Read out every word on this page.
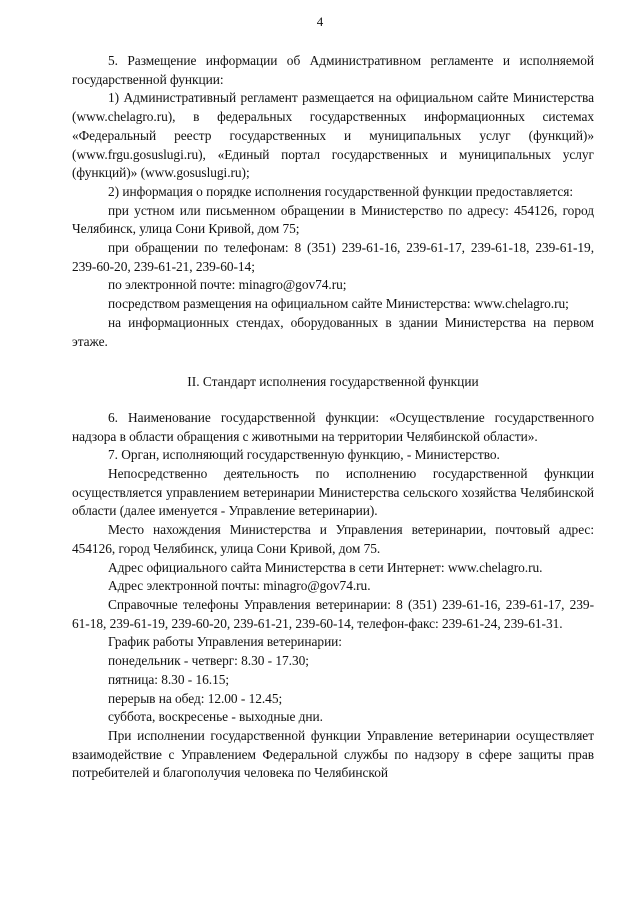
4

5. Размещение информации об Административном регламенте и исполняемой государственной функции:

1) Административный регламент размещается на официальном сайте Министерства (www.chelagro.ru), в федеральных государственных информационных системах «Федеральный реестр государственных и муниципальных услуг (функций)» (www.frgu.gosuslugi.ru), «Единый портал государственных и муниципальных услуг (функций)» (www.gosuslugi.ru);

2) информация о порядке исполнения государственной функции предоставляется:

при устном или письменном обращении в Министерство по адресу: 454126, город Челябинск, улица Сони Кривой, дом 75;

при обращении по телефонам: 8 (351) 239-61-16, 239-61-17, 239-61-18, 239-61-19, 239-60-20, 239-61-21, 239-60-14;

по электронной почте: minagro@gov74.ru;

посредством размещения на официальном сайте Министерства: www.chelagro.ru;

на информационных стендах, оборудованных в здании Министерства на первом этаже.

II. Стандарт исполнения государственной функции

6. Наименование государственной функции: «Осуществление государственного надзора в области обращения с животными на территории Челябинской области».

7. Орган, исполняющий государственную функцию, - Министерство.

Непосредственно деятельность по исполнению государственной функции осуществляется управлением ветеринарии Министерства сельского хозяйства Челябинской области (далее именуется - Управление ветеринарии).

Место нахождения Министерства и Управления ветеринарии, почтовый адрес: 454126, город Челябинск, улица Сони Кривой, дом 75.

Адрес официального сайта Министерства в сети Интернет: www.chelagro.ru.

Адрес электронной почты: minagro@gov74.ru.

Справочные телефоны Управления ветеринарии: 8 (351) 239-61-16, 239-61-17, 239-61-18, 239-61-19, 239-60-20, 239-61-21, 239-60-14, телефон-факс: 239-61-24, 239-61-31.

График работы Управления ветеринарии:

понедельник - четверг: 8.30 - 17.30;

пятница: 8.30 - 16.15;

перерыв на обед: 12.00 - 12.45;

суббота, воскресенье - выходные дни.

При исполнении государственной функции Управление ветеринарии осуществляет взаимодействие с Управлением Федеральной службы по надзору в сфере защиты прав потребителей и благополучия человека по Челябинской
